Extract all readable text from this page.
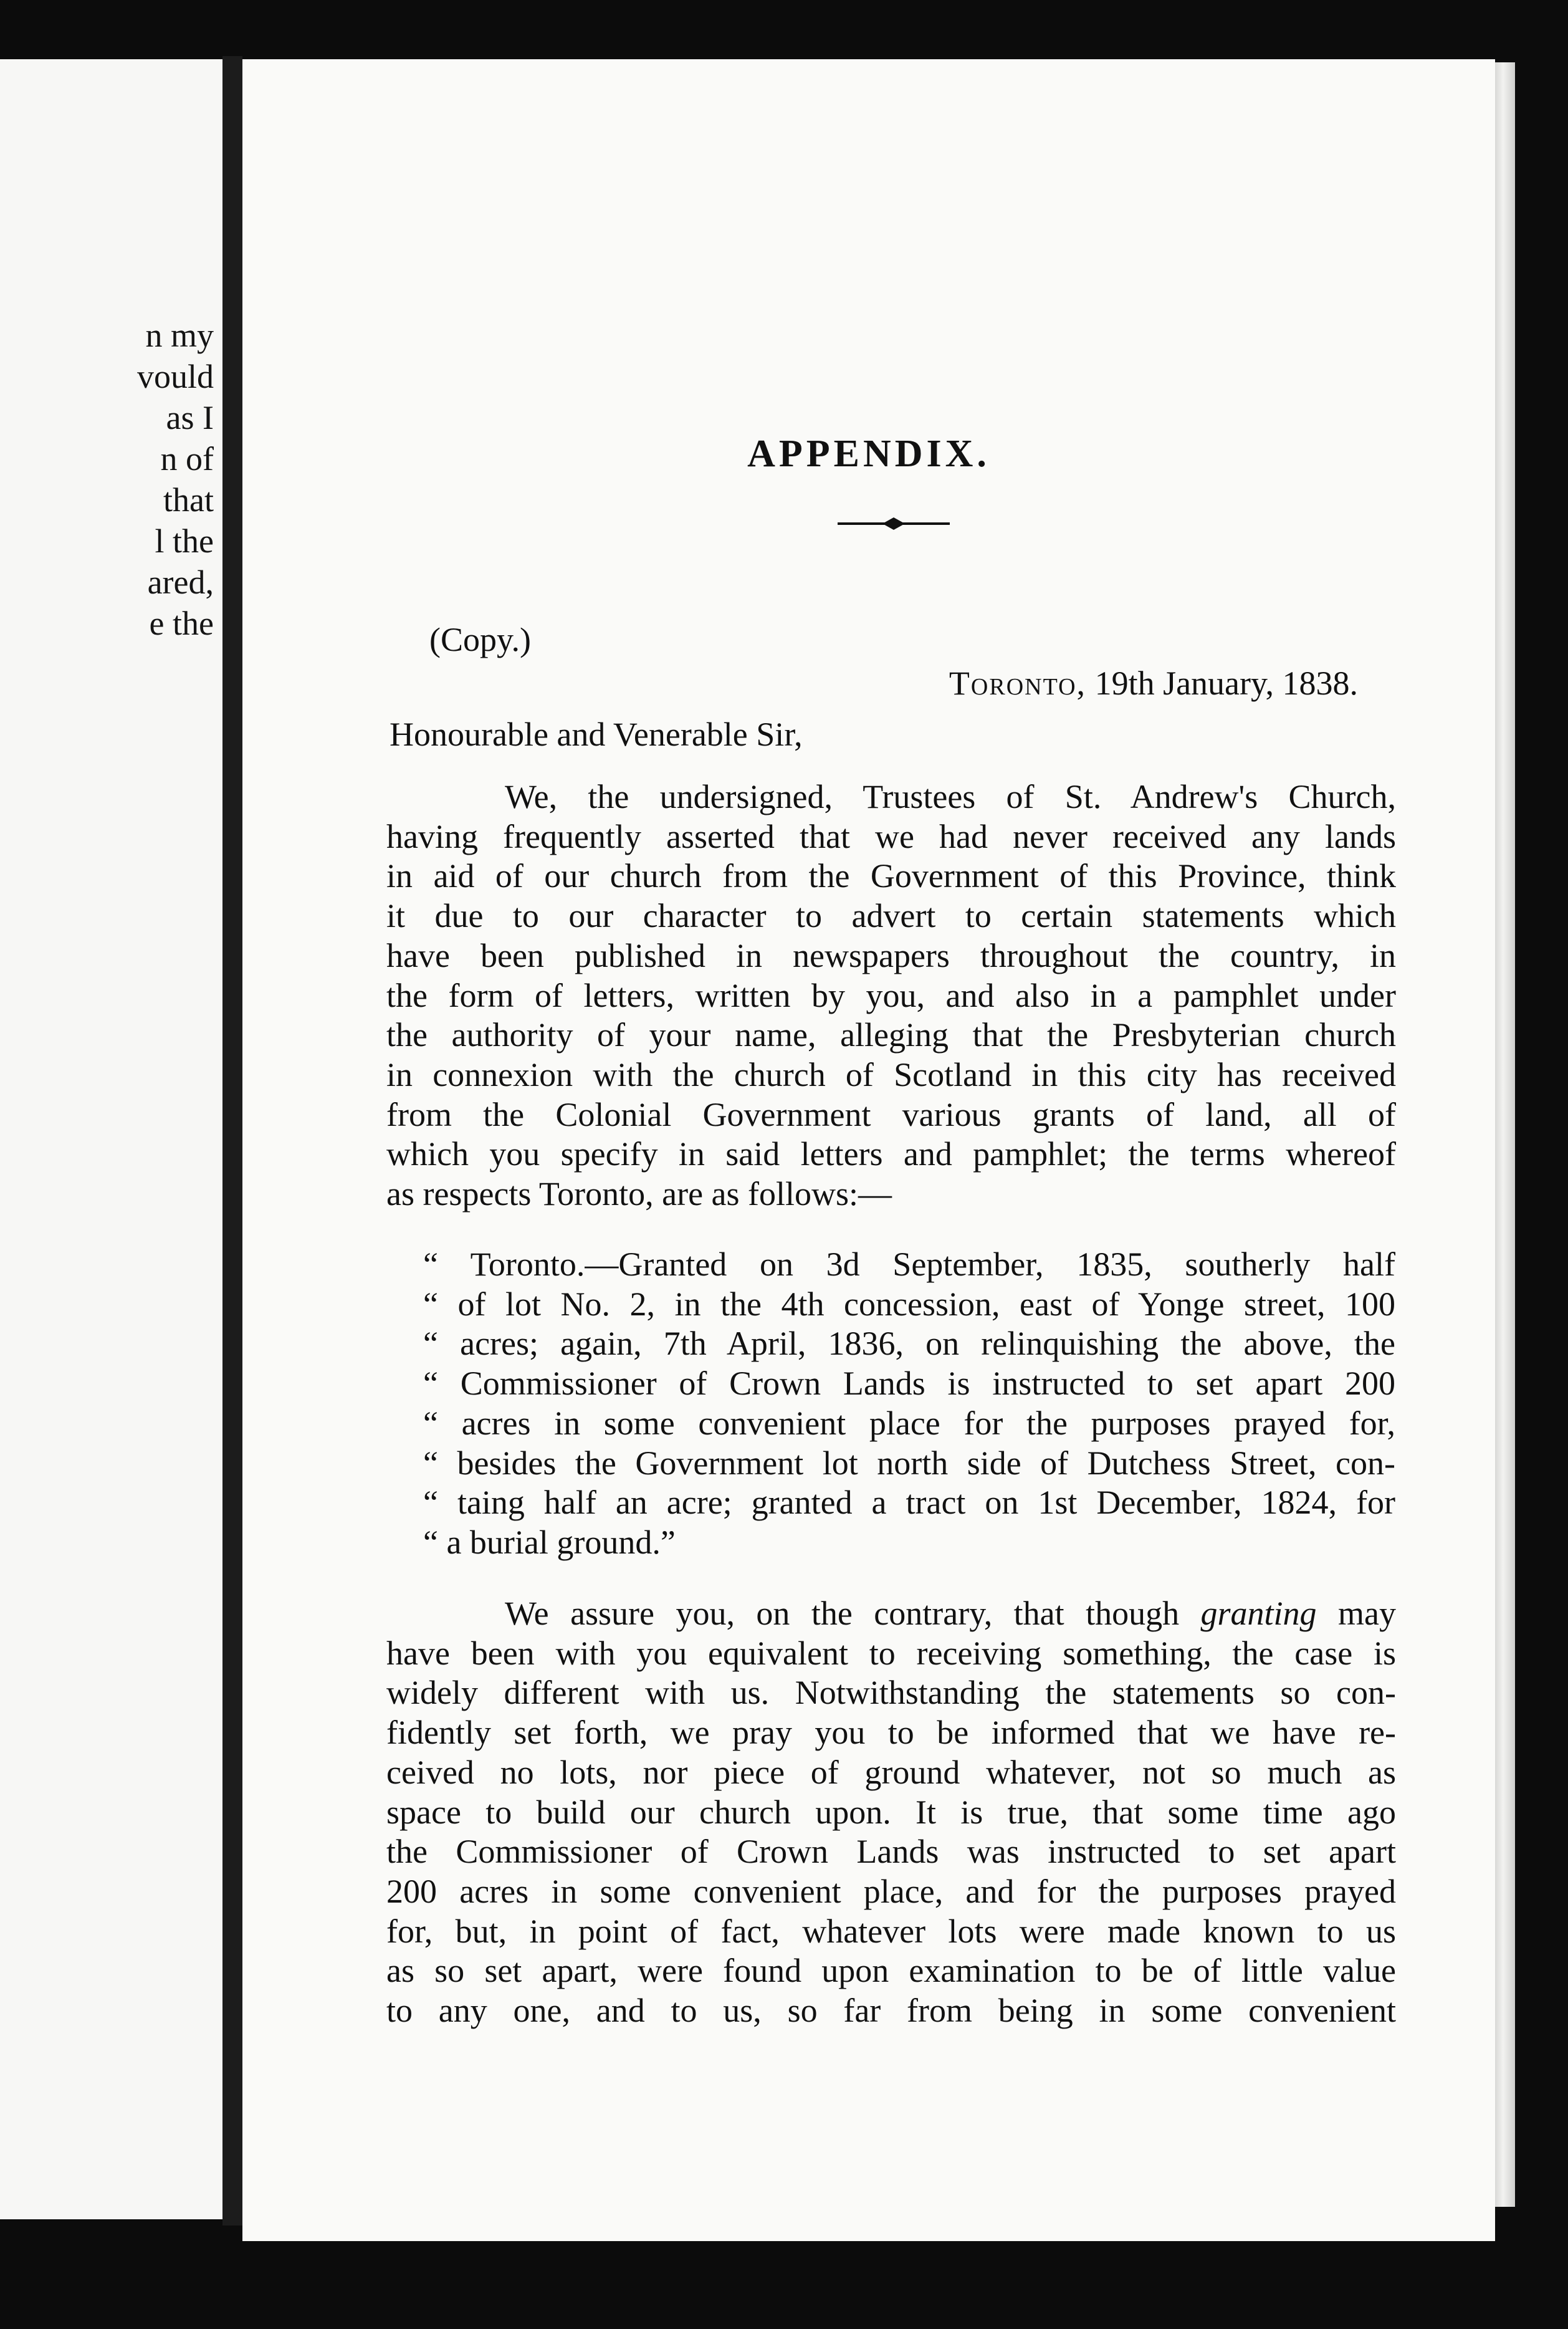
n my
vould
as I
n of
that
l the
ared,
e the
APPENDIX.
(Copy.)
Toronto, 19th January, 1838.
Honourable and Venerable Sir,
We, the undersigned, Trustees of St. Andrew's Church,
having frequently asserted that we had never received any lands
in aid of our church from the Government of this Province, think
it due to our character to advert to certain statements which
have been published in newspapers throughout the country, in
the form of letters, written by you, and also in a pamphlet under
the authority of your name, alleging that the Presbyterian church
in connexion with the church of Scotland in this city has received
from the Colonial Government various grants of land, all of
which you specify in said letters and pamphlet; the terms whereof
as respects Toronto, are as follows:—
“ Toronto.—Granted on 3d September, 1835, southerly half
“ of lot No. 2, in the 4th concession, east of Yonge street, 100
“ acres; again, 7th April, 1836, on relinquishing the above, the
“ Commissioner of Crown Lands is instructed to set apart 200
“ acres in some convenient place for the purposes prayed for,
“ besides the Government lot north side of Dutchess Street, con-
“ taing half an acre; granted a tract on 1st December, 1824, for
“ a burial ground.”
We assure you, on the contrary, that though granting may
have been with you equivalent to receiving something, the case is
widely different with us. Notwithstanding the statements so con-
fidently set forth, we pray you to be informed that we have re-
ceived no lots, nor piece of ground whatever, not so much as
space to build our church upon. It is true, that some time ago
the Commissioner of Crown Lands was instructed to set apart
200 acres in some convenient place, and for the purposes prayed
for, but, in point of fact, whatever lots were made known to us
as so set apart, were found upon examination to be of little value
to any one, and to us, so far from being in some convenient
